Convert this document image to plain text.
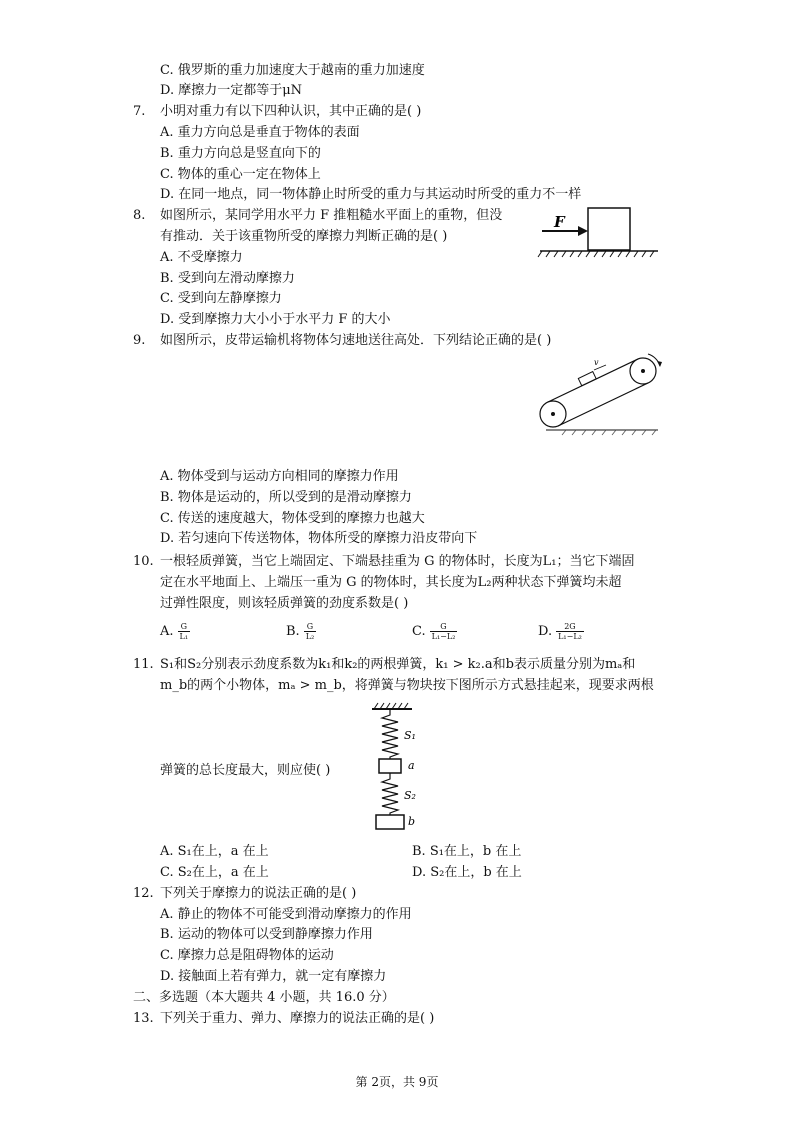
C. 俄罗斯的重力加速度大于越南的重力加速度
D. 摩擦力一定都等于μN
7. 小明对重力有以下四种认识，其中正确的是( )
A. 重力方向总是垂直于物体的表面
B. 重力方向总是竖直向下的
C. 物体的重心一定在物体上
D. 在同一地点，同一物体静止时所受的重力与其运动时所受的重力不一样
8. 如图所示，某同学用水平力 F 推粗糙水平面上的重物，但没
有推动．关于该重物所受的摩擦力判断正确的是( )
A. 不受摩擦力
B. 受到向左滑动摩擦力
C. 受到向左静摩擦力
D. 受到摩擦力大小小于水平力 F 的大小
F
9. 如图所示，皮带运输机将物体匀速地送往高处．下列结论正确的是( )
v
A. 物体受到与运动方向相同的摩擦力作用
B. 物体是运动的，所以受到的是滑动摩擦力
C. 传送的速度越大，物体受到的摩擦力也越大
D. 若匀速向下传送物体，物体所受的摩擦力沿皮带向下
10. 一根轻质弹簧，当它上端固定、下端悬挂重为 G 的物体时，长度为L₁；当它下端固
定在水平地面上、上端压一重为 G 的物体时，其长度为L₂两种状态下弹簧均未超
过弹性限度，则该轻质弹簧的劲度系数是( )
A. $\frac{G}{\text{L₁}}$	B. $\frac{G}{\text{L₂}}$	C. $\frac{G}{\text{L₁−L₂}}$	D. $\frac{2G}{\text{L₁−L₂}}$
11. S₁和S₂分别表示劲度系数为k₁和k₂的两根弹簧，k₁ > k₂.a和b表示质量分别为mₐ和
m_b的两个小物体，mₐ > m_b，将弹簧与物块按下图所示方式悬挂起来，现要求两根
弹簧的总长度最大，则应使( )
S₁
a
S₂
b
A. S₁在上，a 在上	B. S₁在上，b 在上
C. S₂在上，a 在上	D. S₂在上，b 在上
12. 下列关于摩擦力的说法正确的是( )
A. 静止的物体不可能受到滑动摩擦力的作用
B. 运动的物体可以受到静摩擦力作用
C. 摩擦力总是阻碍物体的运动
D. 接触面上若有弹力，就一定有摩擦力
二、多选题（本大题共 4 小题，共 16.0 分）
13. 下列关于重力、弹力、摩擦力的说法正确的是( )
第 2页，共 9页
